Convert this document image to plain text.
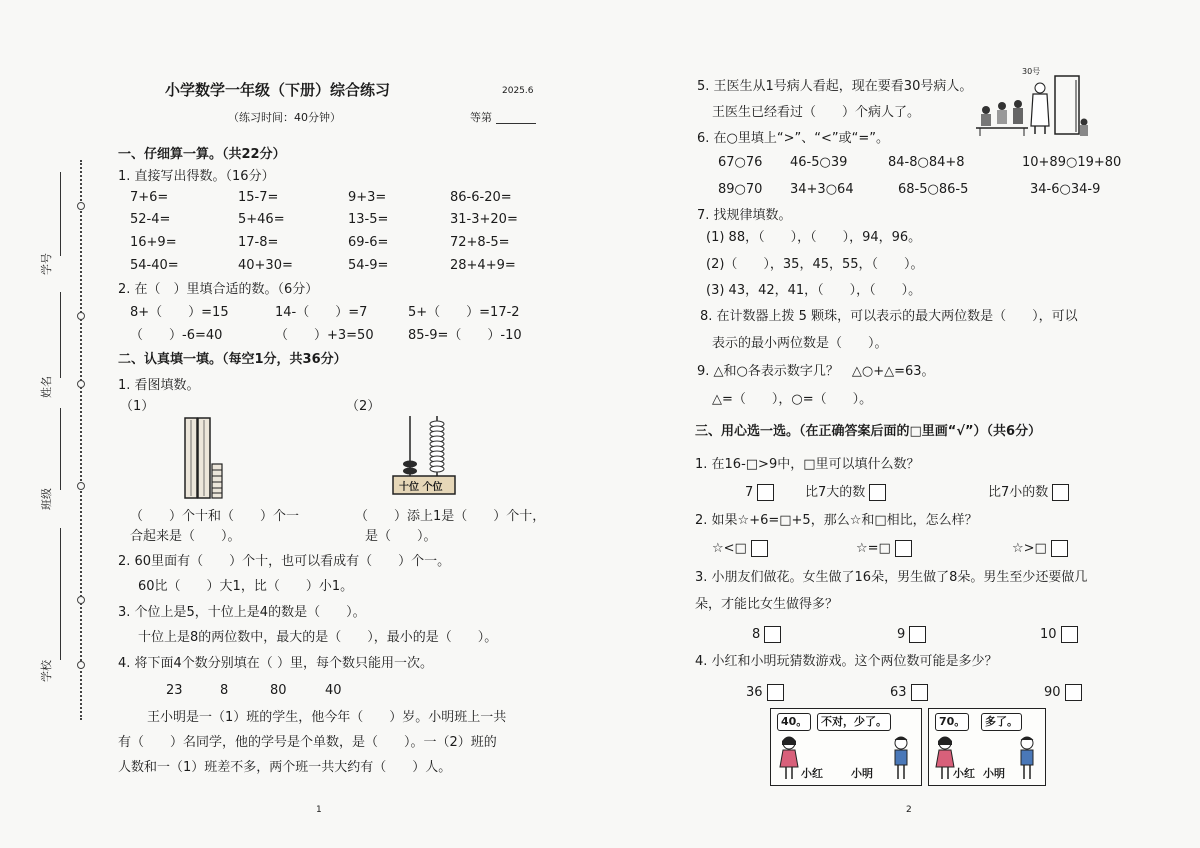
学号
姓名
班级
学校
小学数学一年级（下册）综合练习	2025.6
（练习时间：40分钟）	等第
一、仔细算一算。（共22分）
1. 直接写出得数。（16分）
7+6=	15-7=	9+3=	86-6-20=
52-4=	5+46=	13-5=	31-3+20=
16+9=	17-8=	69-6=	72+8-5=
54-40=	40+30=	54-9=	28+4+9=
2. 在（　）里填合适的数。（6分）
8+（　　）=15	14-（　　）=7	5+（　　）=17-2
（　　）-6=40	（　　）+3=50	85-9=（　　）-10
二、认真填一填。（每空1分，共36分）
1. 看图填数。
（1）	（2）
十位 个位
（　　）个十和（　　）个一
合起来是（　　）。
（　　）添上1是（　　）个十，
是（　　）。
2. 60里面有（　　）个十，也可以看成有（　　）个一。
60比（　　）大1，比（　　）小1。
3. 个位上是5，十位上是4的数是（　　）。
十位上是8的两位数中，最大的是（　　），最小的是（　　）。
4. 将下面4个数分别填在（ ）里，每个数只能用一次。
23	8	80	40
王小明是一（1）班的学生，他今年（　　）岁。小明班上一共
有（　　）名同学，他的学号是个单数，是（　　）。一（2）班的
人数和一（1）班差不多，两个班一共大约有（　　）人。
1
5. 王医生从1号病人看起，现在要看30号病人。
王医生已经看过（　　）个病人了。
30号
6. 在○里填上“>”、“<”或“=”。
67○76 46-5○39	84-8○84+8	10+89○19+80
89○70 34+3○64	68-5○86-5	34-6○34-9
7. 找规律填数。
(1) 88，（　　），（　　），94，96。
(2)（　　），35，45，55，（　　）。
(3) 43，42，41，（　　），（　　）。
8. 在计数器上拨 5 颗珠，可以表示的最大两位数是（　　），可以
表示的最小两位数是（　　）。
9. △和○各表示数字几？　△○+△=63。
△=（　　），○=（　　）。
三、用心选一选。（在正确答案后面的□里画“√”）（共6分）
1. 在16-□>9中，□里可以填什么数？
7	比7大的数	比7小的数
2. 如果☆+6=□+5，那么☆和□相比，怎么样？
☆<□	☆=□	☆>□
3. 小朋友们做花。女生做了16朵，男生做了8朵。男生至少还要做几
朵，才能比女生做得多？
8	9	10
4. 小红和小明玩猜数游戏。这个两位数可能是多少？
36	63	90
40。	不对，少了。
小红	小明
70。	多了。
小红 小明
2
